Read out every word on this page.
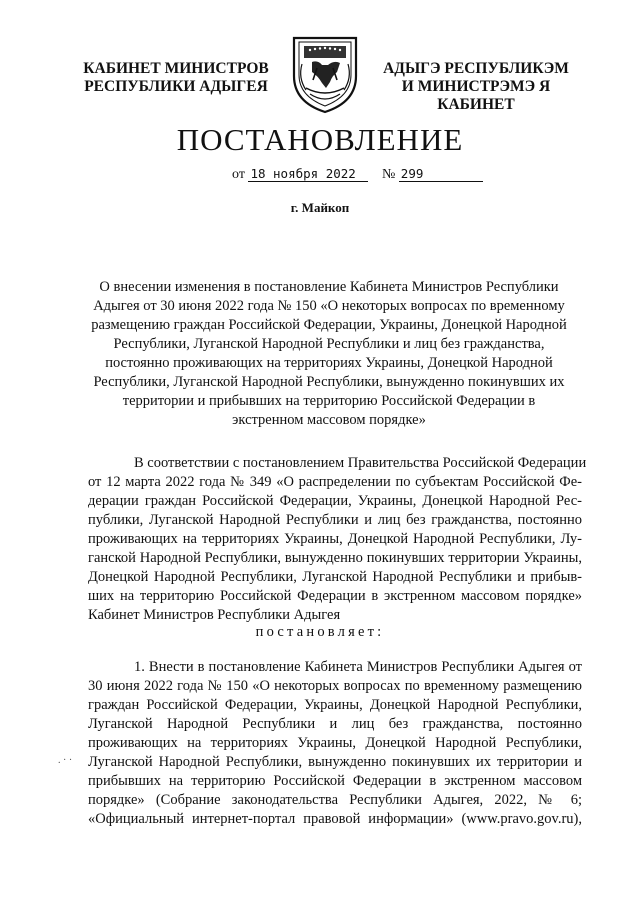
КАБИНЕТ МИНИСТРОВ
РЕСПУБЛИКИ АДЫГЕЯ
АДЫГЭ РЕСПУБЛИКЭМ
И МИНИСТРЭМЭ Я КАБИНЕТ
ПОСТАНОВЛЕНИЕ
от 18 ноября 2022 № 299
г. Майкоп
О внесении изменения в постановление Кабинета Министров Республики
Адыгея от 30 июня 2022 года № 150 «О некоторых вопросах по временному
размещению граждан Российской Федерации, Украины, Донецкой Народной
Республики, Луганской Народной Республики и лиц без гражданства,
постоянно проживающих на территориях Украины, Донецкой Народной
Республики, Луганской Народной Республики, вынужденно покинувших их
территории и прибывших на территорию Российской Федерации в
экстренном массовом порядке»
В соответствии с постановлением Правительства Российской Федерации
от 12 марта 2022 года № 349 «О распределении по субъектам Российской Фе-
дерации граждан Российской Федерации, Украины, Донецкой Народной Рес-
публики, Луганской Народной Республики и лиц без гражданства, постоянно
проживающих на территориях Украины, Донецкой Народной Республики, Лу-
ганской Народной Республики, вынужденно покинувших территории Украины,
Донецкой Народной Республики, Луганской Народной Республики и прибыв-
ших на территорию Российской Федерации в экстренном массовом порядке»
Кабинет Министров Республики Адыгея
постановляет:
1. Внести в постановление Кабинета Министров Республики Адыгея от
30 июня 2022 года № 150 «О некоторых вопросах по временному размещению
граждан Российской Федерации, Украины, Донецкой Народной Республики,
Луганской Народной Республики и лиц без гражданства, постоянно
проживающих на территориях Украины, Донецкой Народной Республики,
Луганской Народной Республики, вынужденно покинувших их территории и
прибывших на территорию Российской Федерации в экстренном массовом
порядке» (Собрание законодательства Республики Адыгея, 2022, № 6;
«Официальный интернет-портал правовой информации» (www.pravo.gov.ru),
. · ·
